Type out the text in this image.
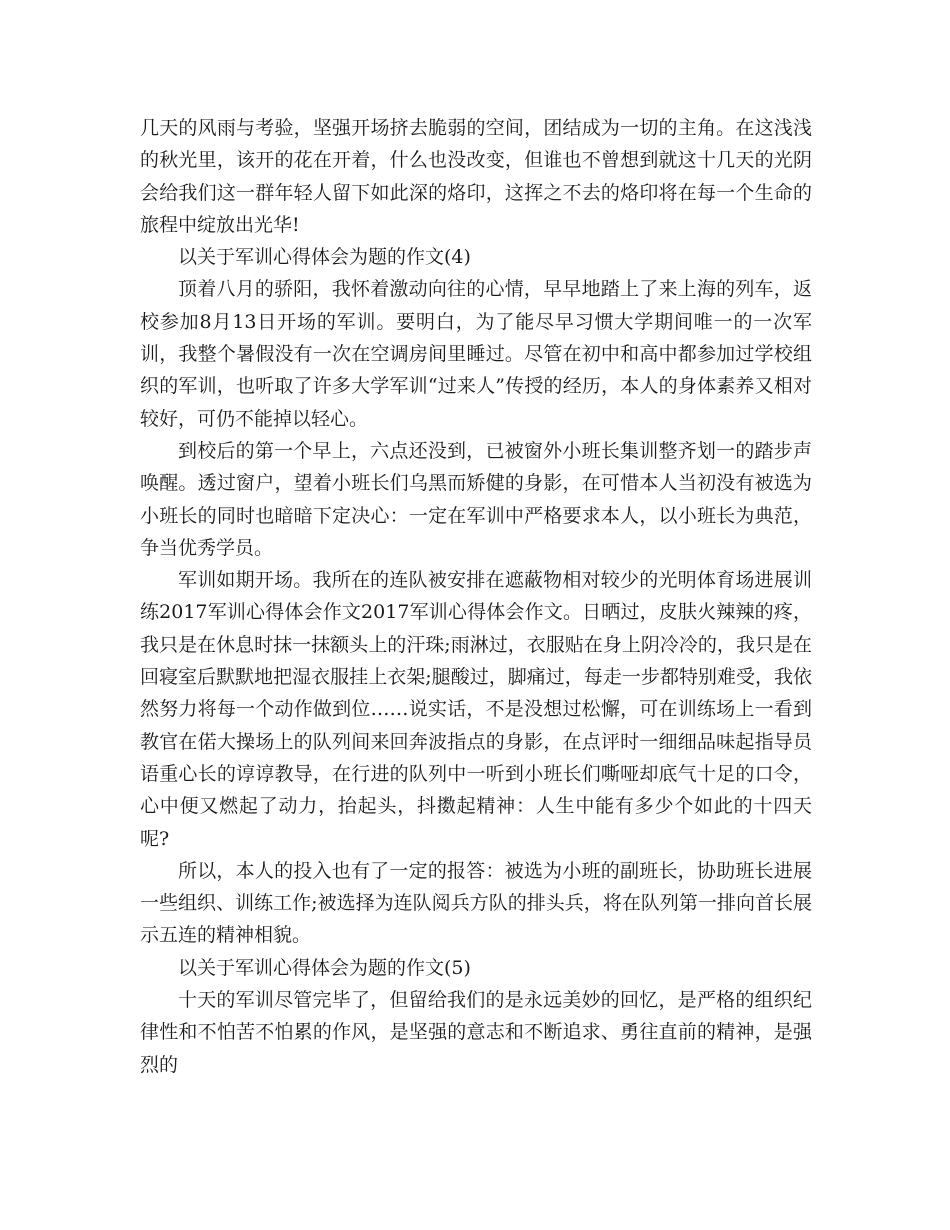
几天的风雨与考验，坚强开场挤去脆弱的空间，团结成为一切的主角。在这浅浅的秋光里，该开的花在开着，什么也没改变，但谁也不曾想到就这十几天的光阴会给我们这一群年轻人留下如此深的烙印，这挥之不去的烙印将在每一个生命的旅程中绽放出光华!

以关于军训心得体会为题的作文(4)

顶着八月的骄阳，我怀着激动向往的心情，早早地踏上了来上海的列车，返校参加8月13日开场的军训。要明白，为了能尽早习惯大学期间唯一的一次军训，我整个暑假没有一次在空调房间里睡过。尽管在初中和高中都参加过学校组织的军训，也听取了许多大学军训“过来人”传授的经历，本人的身体素养又相对较好，可仍不能掉以轻心。

到校后的第一个早上，六点还没到，已被窗外小班长集训整齐划一的踏步声唤醒。透过窗户，望着小班长们乌黑而矫健的身影，在可惜本人当初没有被选为小班长的同时也暗暗下定决心：一定在军训中严格要求本人，以小班长为典范，争当优秀学员。

军训如期开场。我所在的连队被安排在遮蔽物相对较少的光明体育场进展训练2017军训心得体会作文2017军训心得体会作文。日晒过，皮肤火辣辣的疼，我只是在休息时抹一抹额头上的汗珠;雨淋过，衣服贴在身上阴冷冷的，我只是在回寝室后默默地把湿衣服挂上衣架;腿酸过，脚痛过，每走一步都特别难受，我依然努力将每一个动作做到位……说实话，不是没想过松懈，可在训练场上一看到教官在偌大操场上的队列间来回奔波指点的身影，在点评时一细细品味起指导员语重心长的谆谆教导，在行进的队列中一听到小班长们嘶哑却底气十足的口令，心中便又燃起了动力，抬起头，抖擞起精神：人生中能有多少个如此的十四天呢?

所以，本人的投入也有了一定的报答：被选为小班的副班长，协助班长进展一些组织、训练工作;被选择为连队阅兵方队的排头兵，将在队列第一排向首长展示五连的精神相貌。

以关于军训心得体会为题的作文(5)

十天的军训尽管完毕了，但留给我们的是永远美妙的回忆，是严格的组织纪律性和不怕苦不怕累的作风，是坚强的意志和不断追求、勇往直前的精神，是强烈的
